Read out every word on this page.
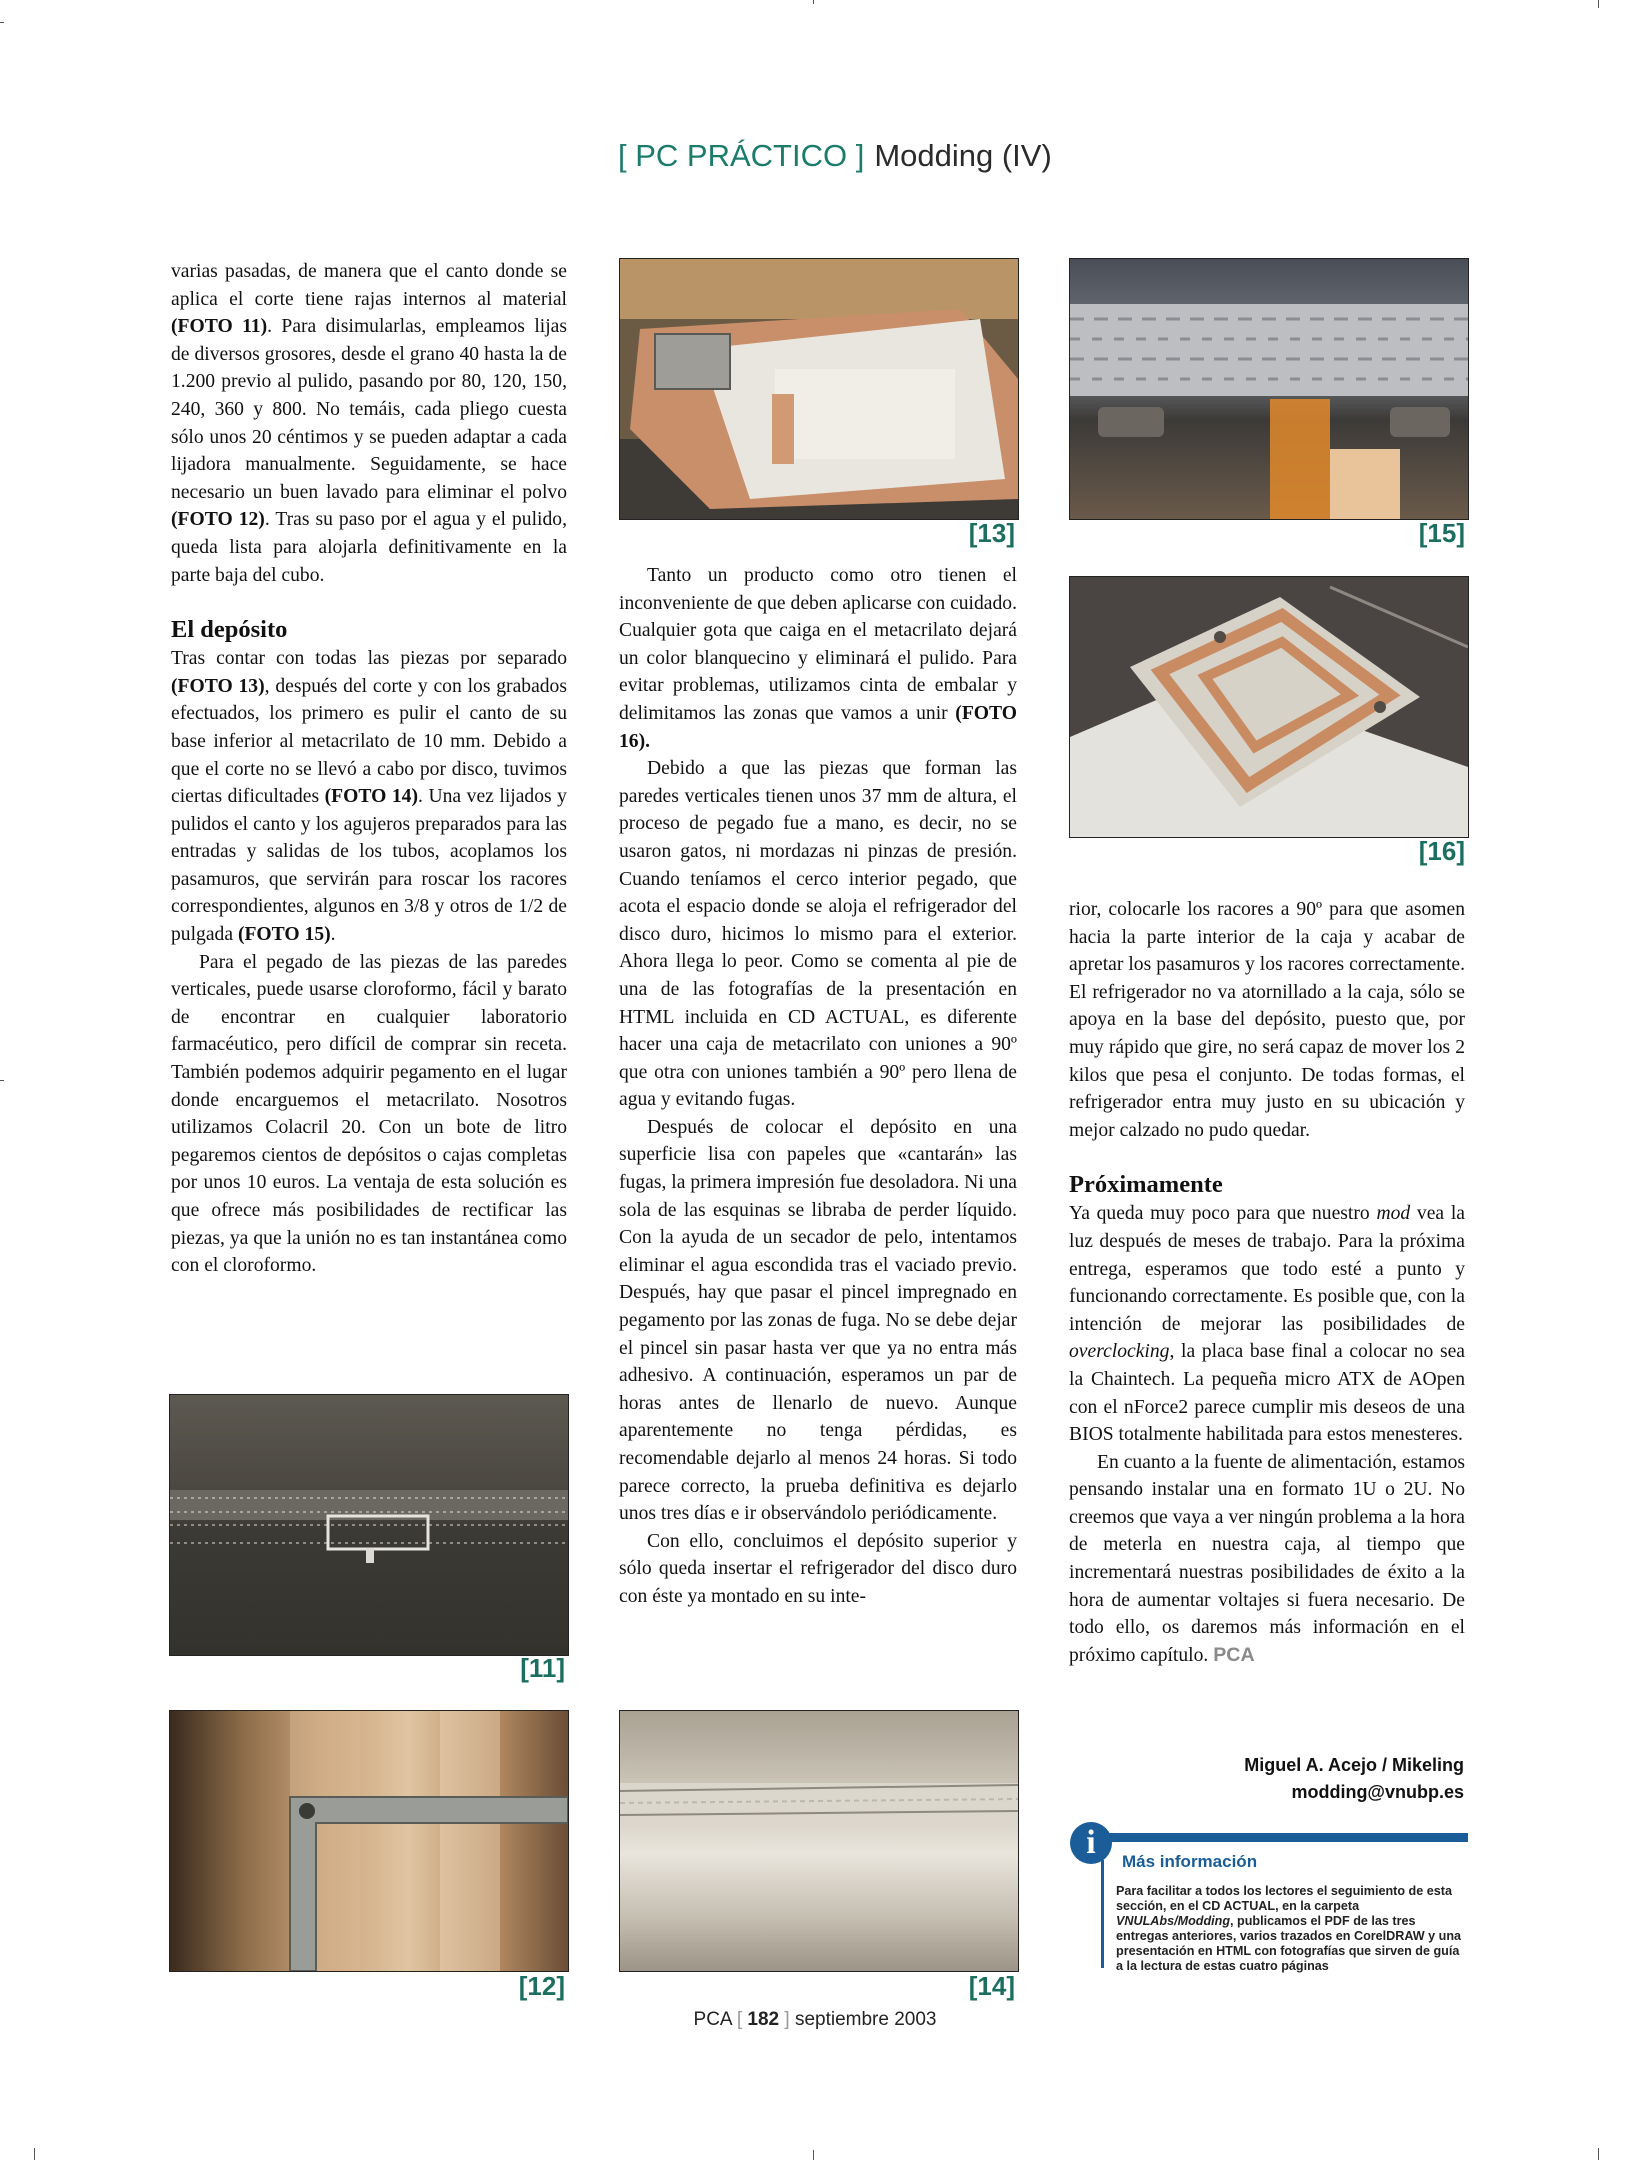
[ PC PRÁCTICO ] Modding (IV)

varias pasadas, de manera que el canto donde se aplica el corte tiene rajas internos al material (FOTO 11). Para disimularlas, empleamos lijas de diversos grosores, desde el grano 40 hasta la de 1.200 previo al pulido, pasando por 80, 120, 150, 240, 360 y 800. No temáis, cada pliego cuesta sólo unos 20 céntimos y se pueden adaptar a cada lijadora manualmente. Seguidamente, se hace necesario un buen lavado para eliminar el polvo (FOTO 12). Tras su paso por el agua y el pulido, queda lista para alojarla definitivamente en la parte baja del cubo.

El depósito

Tras contar con todas las piezas por separado (FOTO 13), después del corte y con los grabados efectuados, los primero es pulir el canto de su base inferior al metacrilato de 10 mm. Debido a que el corte no se llevó a cabo por disco, tuvimos ciertas dificultades (FOTO 14). Una vez lijados y pulidos el canto y los agujeros preparados para las entradas y salidas de los tubos, acoplamos los pasamuros, que servirán para roscar los racores correspondientes, algunos en 3/8 y otros de 1/2 de pulgada (FOTO 15).

Para el pegado de las piezas de las paredes verticales, puede usarse cloroformo, fácil y barato de encontrar en cualquier laboratorio farmacéutico, pero difícil de comprar sin receta. También podemos adquirir pegamento en el lugar donde encarguemos el metacrilato. Nosotros utilizamos Colacril 20. Con un bote de litro pegaremos cientos de depósitos o cajas completas por unos 10 euros. La ventaja de esta solución es que ofrece más posibilidades de rectificar las piezas, ya que la unión no es tan instantánea como con el cloroformo.

Tanto un producto como otro tienen el inconveniente de que deben aplicarse con cuidado. Cualquier gota que caiga en el metacrilato dejará un color blanquecino y eliminará el pulido. Para evitar problemas, utilizamos cinta de embalar y delimitamos las zonas que vamos a unir (FOTO 16).

Debido a que las piezas que forman las paredes verticales tienen unos 37 mm de altura, el proceso de pegado fue a mano, es decir, no se usaron gatos, ni mordazas ni pinzas de presión. Cuando teníamos el cerco interior pegado, que acota el espacio donde se aloja el refrigerador del disco duro, hicimos lo mismo para el exterior. Ahora llega lo peor. Como se comenta al pie de una de las fotografías de la presentación en HTML incluida en CD ACTUAL, es diferente hacer una caja de metacrilato con uniones a 90º que otra con uniones también a 90º pero llena de agua y evitando fugas.

Después de colocar el depósito en una superficie lisa con papeles que «cantarán» las fugas, la primera impresión fue desoladora. Ni una sola de las esquinas se libraba de perder líquido. Con la ayuda de un secador de pelo, intentamos eliminar el agua escondida tras el vaciado previo. Después, hay que pasar el pincel impregnado en pegamento por las zonas de fuga. No se debe dejar el pincel sin pasar hasta ver que ya no entra más adhesivo. A continuación, esperamos un par de horas antes de llenarlo de nuevo. Aunque aparentemente no tenga pérdidas, es recomendable dejarlo al menos 24 horas. Si todo parece correcto, la prueba definitiva es dejarlo unos tres días e ir observándolo periódicamente.

Con ello, concluimos el depósito superior y sólo queda insertar el refrigerador del disco duro con éste ya montado en su inte-

rior, colocarle los racores a 90º para que asomen hacia la parte interior de la caja y acabar de apretar los pasamuros y los racores correctamente. El refrigerador no va atornillado a la caja, sólo se apoya en la base del depósito, puesto que, por muy rápido que gire, no será capaz de mover los 2 kilos que pesa el conjunto. De todas formas, el refrigerador entra muy justo en su ubicación y mejor calzado no pudo quedar.

Próximamente

Ya queda muy poco para que nuestro mod vea la luz después de meses de trabajo. Para la próxima entrega, esperamos que todo esté a punto y funcionando correctamente. Es posible que, con la intención de mejorar las posibilidades de overclocking, la placa base final a colocar no sea la Chaintech. La pequeña micro ATX de AOpen con el nForce2 parece cumplir mis deseos de una BIOS totalmente habilitada para estos menesteres.

En cuanto a la fuente de alimentación, estamos pensando instalar una en formato 1U o 2U. No creemos que vaya a ver ningún problema a la hora de meterla en nuestra caja, al tiempo que incrementará nuestras posibilidades de éxito a la hora de aumentar voltajes si fuera necesario. De todo ello, os daremos más información en el próximo capítulo. PCA

[11]
[12]
[13]
[14]
[15]
[16]
Miguel A. Acejo / Mikeling
modding@vnubp.es
i
Más información
Para facilitar a todos los lectores el seguimiento de esta sección, en el CD ACTUAL, en la carpeta VNULAbs/Modding, publicamos el PDF de las tres entregas anteriores, varios trazados en CorelDRAW y una presentación en HTML con fotografías que sirven de guía a la lectura de estas cuatro páginas
PCA [ 182 ] septiembre 2003
